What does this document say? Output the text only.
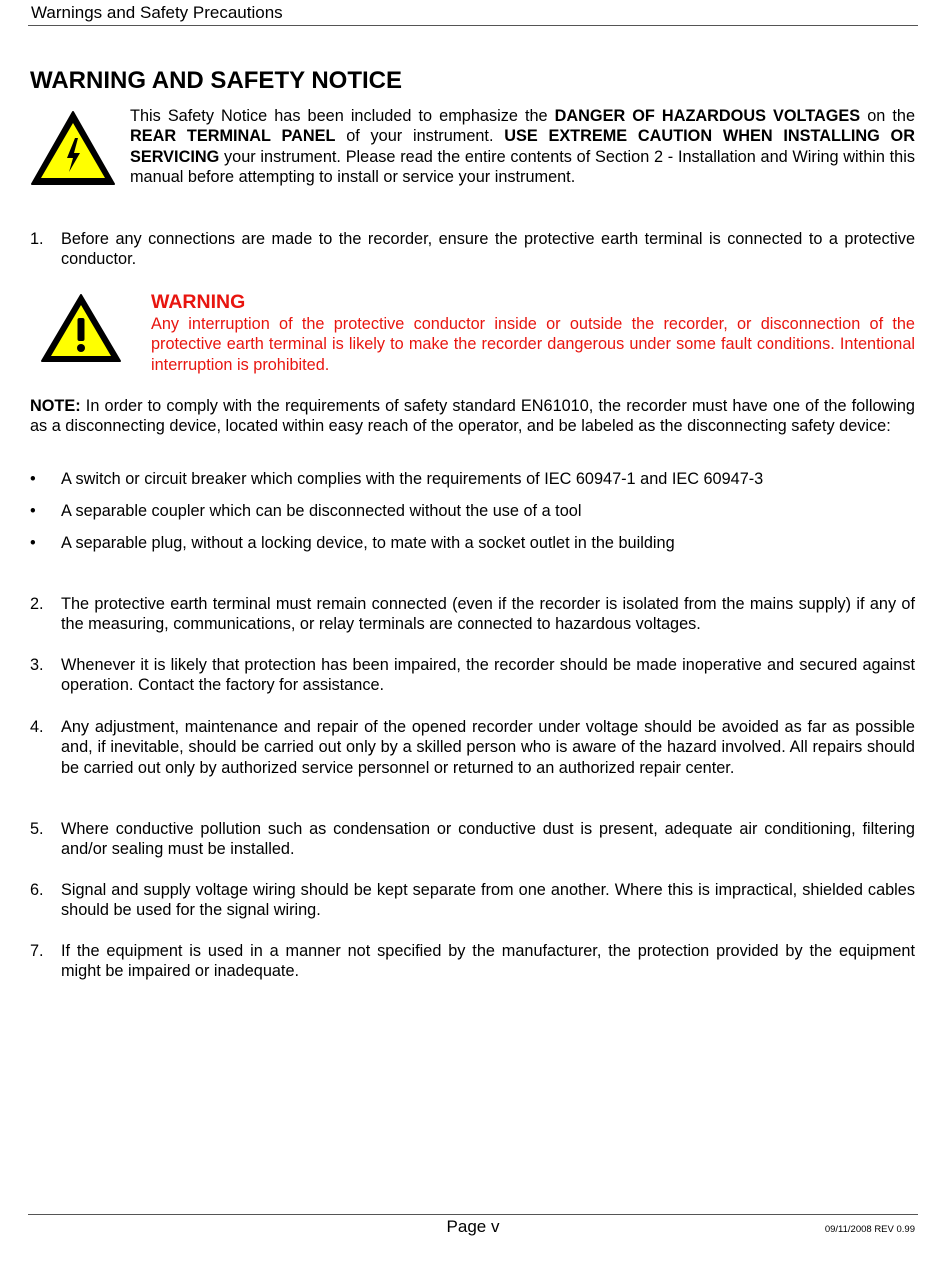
Warnings and Safety Precautions
WARNING AND SAFETY NOTICE

This Safety Notice has been included to emphasize the DANGER OF HAZARDOUS VOLTAGES on the REAR TERMINAL PANEL of your instrument. USE EXTREME CAUTION WHEN INSTALLING OR SERVICING your instrument. Please read the entire contents of Section 2 - Installation and Wiring within this manual before attempting to install or service your instrument.

1.	Before any connections are made to the recorder, ensure the protective earth terminal is connected to a protective conductor.
WARNING
Any interruption of the protective conductor inside or outside the recorder, or disconnection of the protective earth terminal is likely to make the recorder dangerous under some fault conditions. Intentional interruption is prohibited.

NOTE: In order to comply with the requirements of safety standard EN61010, the recorder must have one of the following as a disconnecting device, located within easy reach of the operator, and be labeled as the disconnecting safety device:

•	A switch or circuit breaker which complies with the requirements of IEC 60947-1 and IEC 60947-3
•	A separable coupler which can be disconnected without the use of a tool
•	A separable plug, without a locking device, to mate with a socket outlet in the building
2.	The protective earth terminal must remain connected (even if the recorder is isolated from the mains supply) if any of the measuring, communications, or relay terminals are connected to hazardous voltages.
3.	Whenever it is likely that protection has been impaired, the recorder should be made inoperative and secured against operation. Contact the factory for assistance.
4.	Any adjustment, maintenance and repair of the opened recorder under voltage should be avoided as far as possible and, if inevitable, should be carried out only by a skilled person who is aware of the hazard involved. All repairs should be carried out only by authorized service personnel or returned to an authorized repair center.
5.	Where conductive pollution such as condensation or conductive dust is present, adequate air conditioning, filtering and/or sealing must be installed.
6.	Signal and supply voltage wiring should be kept separate from one another. Where this is impractical, shielded cables should be used for the signal wiring.
7.	If the equipment is used in a manner not specified by the manufacturer, the protection provided by the equipment might be impaired or inadequate.
Page v	09/11/2008 REV 0.99
